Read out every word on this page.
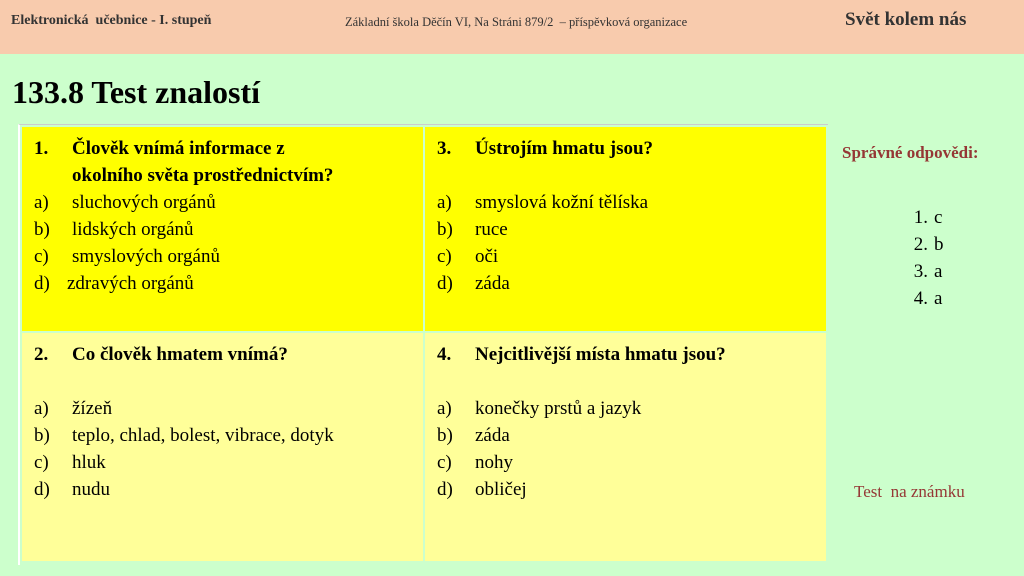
Elektronická  učebnice - I. stupeň	Základní škola Děčín VI, Na Stráni 879/2  – příspěvková organizace	Svět kolem nás
133.8 Test znalostí
1.	Člověk vnímá informace z
okolního světa prostřednictvím?
a)	sluchových orgánů
b)	lidských orgánů
c)	smyslových orgánů
d) zdravých orgánů
3.	Ústrojím hmatu jsou?
a)	smyslová kožní tělíska
b)	ruce
c)	oči
d)	záda
2.	Co člověk hmatem vnímá?
a)	žízeň
b)	teplo, chlad, bolest, vibrace, dotyk
c)	hluk
d)	nudu
4.	Nejcitlivější místa hmatu jsou?
a)	konečky prstů a jazyk
b)	záda
c)	nohy
d)	obličej
Správné odpovědi:
1. c
2. b
3. a
4. a
Test  na známku
